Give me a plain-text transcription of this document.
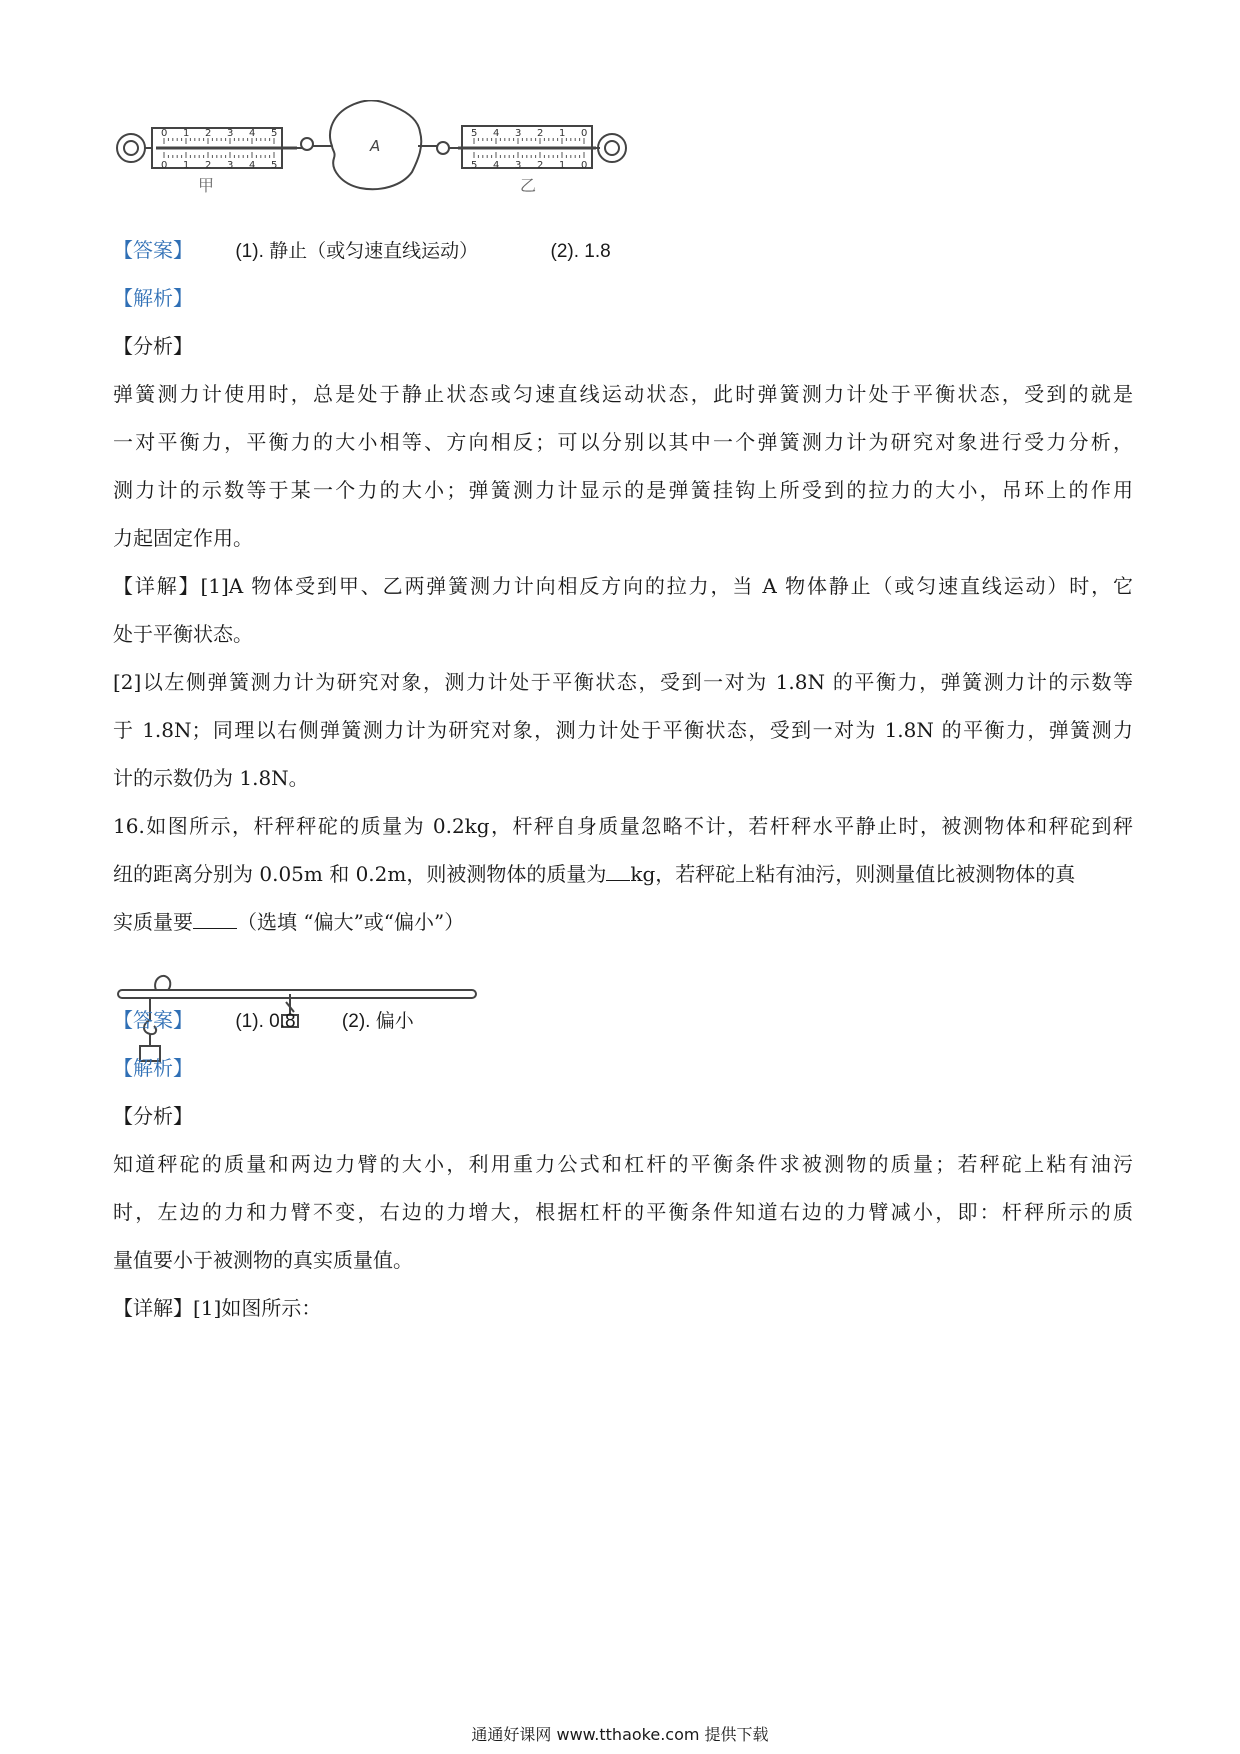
0
0
1
1
2
2
3
3
4
4
5
5
A
0
0
1
1
2
2
3
3
4
4
5
5
甲	乙
【答案】 (1). 静止（或匀速直线运动）	(2). 1.8
【解析】
【分析】
弹簧测力计使用时，总是处于静止状态或匀速直线运动状态，此时弹簧测力计处于平衡状态，受到的就是
一对平衡力，平衡力的大小相等、方向相反；可以分别以其中一个弹簧测力计为研究对象进行受力分析，
测力计的示数等于某一个力的大小；弹簧测力计显示的是弹簧挂钩上所受到的拉力的大小，吊环上的作用
力起固定作用。
【详解】[1]A 物体受到甲、乙两弹簧测力计向相反方向的拉力，当 A 物体静止（或匀速直线运动）时，它
处于平衡状态。
[2]以左侧弹簧测力计为研究对象，测力计处于平衡状态，受到一对为 1.8N 的平衡力，弹簧测力计的示数等
于 1.8N；同理以右侧弹簧测力计为研究对象，测力计处于平衡状态，受到一对为 1.8N 的平衡力，弹簧测力
计的示数仍为 1.8N。
16.如图所示，杆秤秤砣的质量为 0.2kg，杆秤自身质量忽略不计，若杆秤水平静止时，被测物体和秤砣到秤
纽的距离分别为 0.05m 和 0.2m，则被测物体的质量为 kg，若秤砣上粘有油污，则测量值比被测物体的真
实质量要 （选填 “偏大”或“偏小”）
【答案】 (1). 0.8 (2). 偏小
【解析】
【分析】
知道秤砣的质量和两边力臂的大小，利用重力公式和杠杆的平衡条件求被测物的质量；若秤砣上粘有油污
时，左边的力和力臂不变，右边的力增大，根据杠杆的平衡条件知道右边的力臂减小，即：杆秤所示的质
量值要小于被测物的真实质量值。
【详解】[1]如图所示：
通通好课网 www.tthaoke.com 提供下载
